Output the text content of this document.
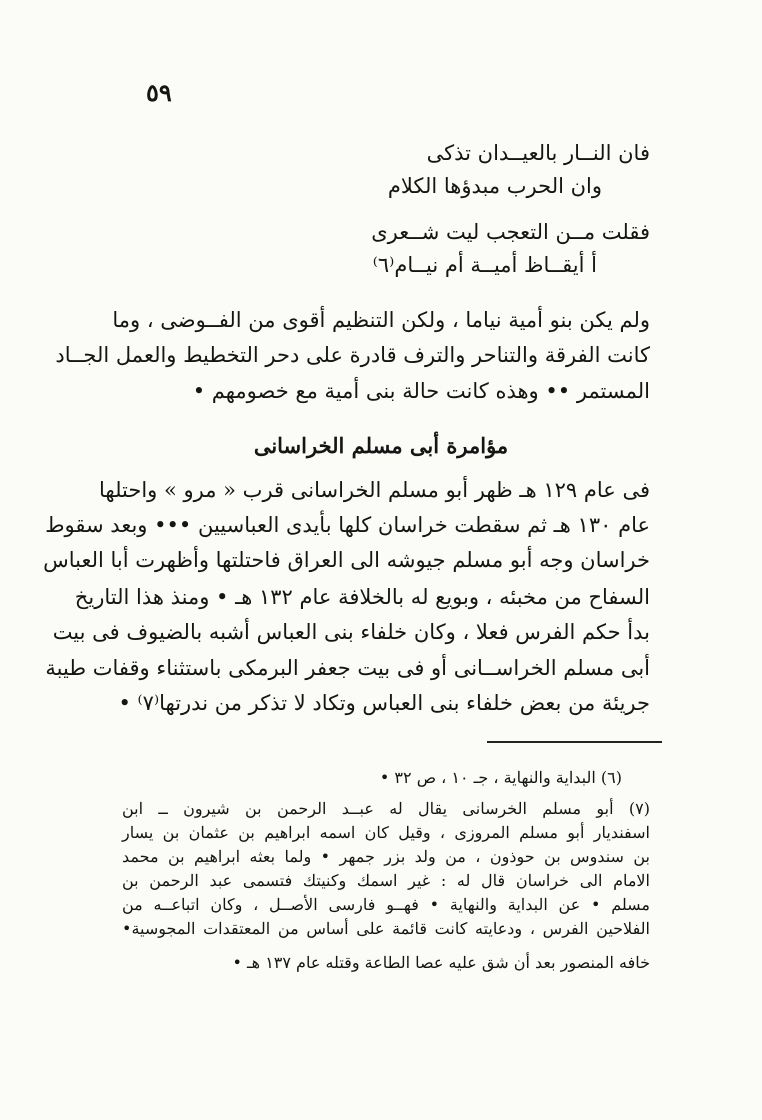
٥٩
فان النــار بالعيــدان تذكى
وان الحرب مبدؤها الكلام
فقلت مــن التعجب ليت شــعرى
أ أيقــاظ أميــة أم نيــام⁽٦⁾
ولم يكن بنو أمية نياما ، ولكن التنظيم أقوى من الفــوضى ، وما
كانت الفرقة والتناحر والترف قادرة على دحر التخطيط والعمل الجــاد
المستمر •• وهذه كانت حالة بنى أمية مع خصومهم •
مؤامرة أبى مسلم الخراسانى
فى عام ١٢٩ هـ ظهر أبو مسلم الخراسانى قرب « مرو » واحتلها
عام ١٣٠ هـ ثم سقطت خراسان كلها بأيدى العباسيين ••• وبعد سقوط
خراسان وجه أبو مسلم جيوشه الى العراق فاحتلتها وأظهرت أبا العباس
السفاح من مخبئه ، وبويع له بالخلافة عام ١٣٢ هـ • ومنذ هذا التاريخ
بدأ حكم الفرس فعلا ، وكان خلفاء بنى العباس أشبه بالضيوف فى بيت
أبى مسلم الخراســانى أو فى بيت جعفر البرمكى باستثناء وقفات طيبة
جريئة من بعض خلفاء بنى العباس وتكاد لا تذكر من ندرتها⁽٧⁾ •
(٦) البداية والنهاية ، جـ ١٠ ، ص ٣٢ •
(٧) أبو مسلم الخرسانى يقال له عبــد الرحمن بن شيرون ــ ابن
اسفنديار أبو مسلم المروزى ، وقيل كان اسمه ابراهيم بن عثمان بن يسار
بن سندوس بن حوذون ، من ولد بزر جمهر • ولما بعثه ابراهيم بن محمد
الامام الى خراسان قال له : غير اسمك وكنيتك فتسمى عبد الرحمن بن
مسلم • عن البداية والنهاية • فهــو فارسى الأصــل ، وكان اتباعــه من
الفلاحين الفرس ، ودعايته كانت قائمة على أساس من المعتقدات المجوسية•
خافه المنصور بعد أن شق عليه عصا الطاعة وقتله عام ١٣٧ هـ •
